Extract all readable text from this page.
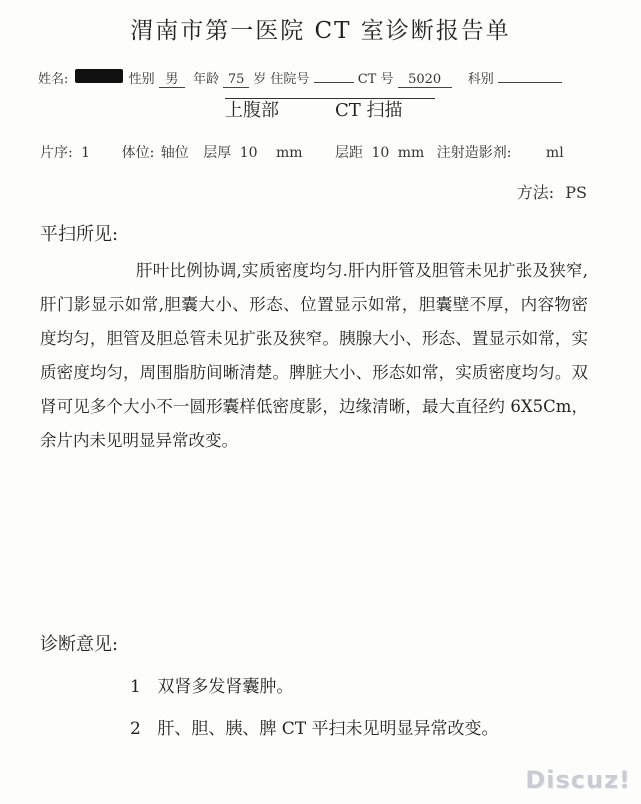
渭南市第一医院 CT 室诊断报告单
姓名:	性别 男 年龄 75 岁 住院号	CT 号 5020 科别
上腹部	CT 扫描
片序: 1 体位: 轴位 层厚 10 mm 层距 10 mm 注射造影剂: ml
方法: PS
平扫所见:

肝叶比例协调,实质密度均匀.肝内肝管及胆管未见扩张及狭窄,肝门影显示如常,胆囊大小、形态、位置显示如常，胆囊壁不厚，内容物密度均匀，胆管及胆总管未见扩张及狭窄。胰腺大小、形态、置显示如常，实质密度均匀，周围脂肪间晰清楚。脾脏大小、形态如常，实质密度均匀。双肾可见多个大小不一圆形囊样低密度影，边缘清晰，最大直径约 6X5Cm，余片内未见明显异常改变。

诊断意见:
1 双肾多发肾囊肿。
2 肝、胆、胰、脾 CT 平扫未见明显异常改变。
Discuz!
